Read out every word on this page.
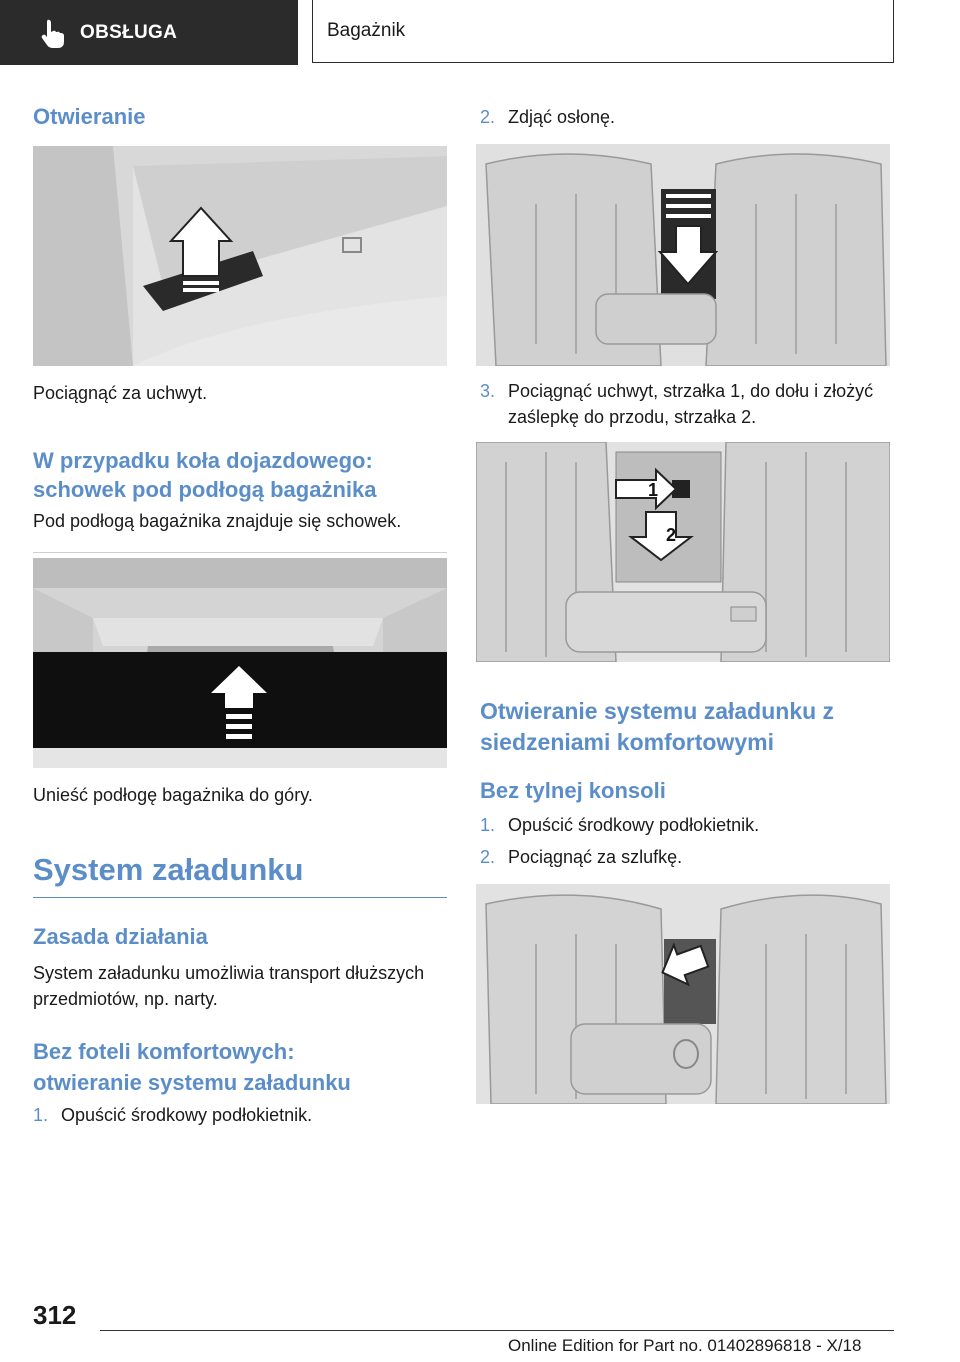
OBSŁUGA	Bagażnik
Otwieranie

Pociągnąć za uchwyt.

W przypadku koła dojazdowego:
schowek pod podłogą bagażnika

Pod podłogą bagażnika znajduje się schowek.

Unieść podłogę bagażnika do góry.

System załadunku
Zasada działania

System załadunku umożliwia transport dłuższych
przedmiotów, np. narty.

Bez foteli komfortowych:
otwieranie systemu załadunku
1. Opuścić środkowy podłokietnik.
2. Zdjąć osłonę.
3. Pociągnąć uchwyt, strzałka 1, do dołu i złożyć
zaślepkę do przodu, strzałka 2.
1
2
Otwieranie systemu załadunku z
siedzeniami komfortowymi
Bez tylnej konsoli
1. Opuścić środkowy podłokietnik.
2. Pociągnąć za szlufkę.
312
Online Edition for Part no. 01402896818 - X/18
